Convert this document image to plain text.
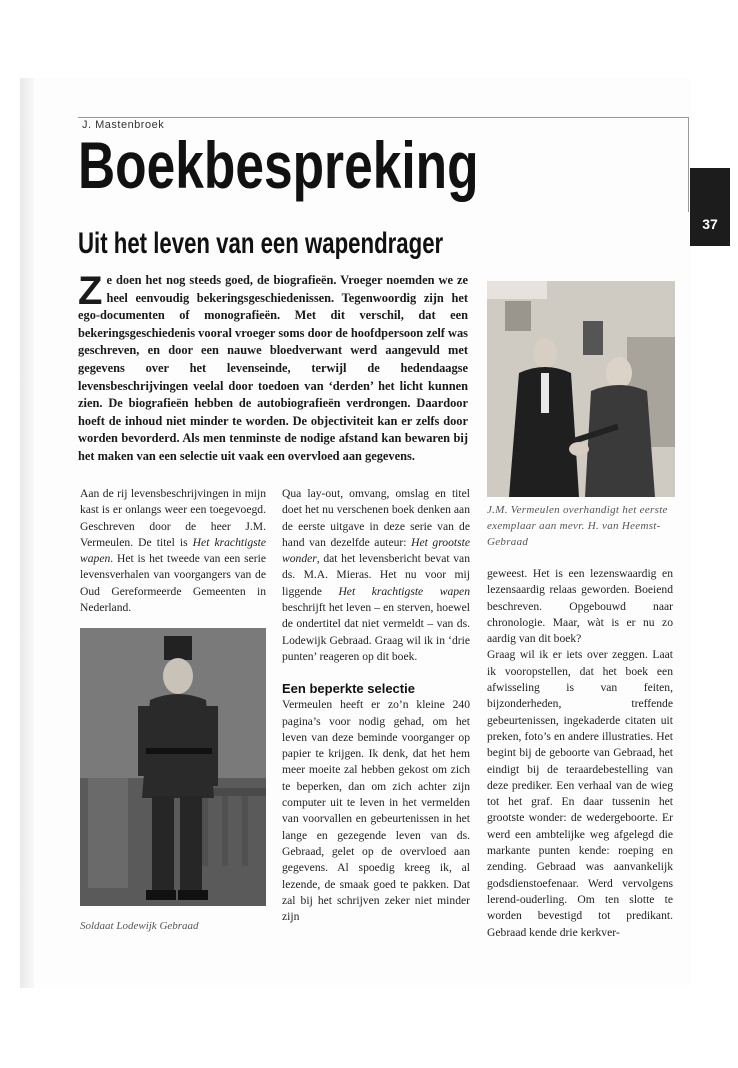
J. Mastenbroek
Boekbespreking
Uit het leven van een wapendrager
37
Ze doen het nog steeds goed, de biografieën. Vroeger noemden we ze heel eenvoudig bekeringsgeschiedenissen. Tegenwoordig zijn het ego-documenten of monografieën. Met dit verschil, dat een bekeringsgeschiedenis vooral vroeger soms door de hoofdpersoon zelf was geschreven, en door een nauwe bloedverwant werd aangevuld met gegevens over het levenseinde, terwijl de hedendaagse levensbeschrijvingen veelal door toedoen van ‘derden’ het licht kunnen zien. De biografieën hebben de autobiografieën verdrongen. Daardoor hoeft de inhoud niet minder te worden. De objectiviteit kan er zelfs door worden bevorderd. Als men tenminste de nodige afstand kan bewaren bij het maken van een selectie uit vaak een overvloed aan gegevens.

Aan de rij levensbeschrijvingen in mijn kast is er onlangs weer een toegevoegd. Geschreven door de heer J.M. Vermeulen. De titel is Het krachtigste wapen. Het is het tweede van een serie levensverhalen van voorgangers van de Oud Gereformeerde Gemeenten in Nederland.

Soldaat Lodewijk Gebraad

Qua lay-out, omvang, omslag en titel doet het nu verschenen boek denken aan de eerste uitgave in deze serie van de hand van dezelfde auteur: Het grootste wonder, dat het levensbericht bevat van ds. M.A. Mieras. Het nu voor mij liggende Het krachtigste wapen beschrijft het leven – en sterven, hoewel de ondertitel dat niet vermeldt – van ds. Lodewijk Gebraad. Graag wil ik in ‘drie punten’ reageren op dit boek.

Een beperkte selectie

Vermeulen heeft er zo’n kleine 240 pagina’s voor nodig gehad, om het leven van deze beminde voorganger op papier te krijgen. Ik denk, dat het hem meer moeite zal hebben gekost om zich te beperken, dan om zich achter zijn computer uit te leven in het vermelden van voorvallen en gebeurtenissen in het lange en gezegende leven van ds. Gebraad, gelet op de overvloed aan gegevens. Al spoedig kreeg ik, al lezende, de smaak goed te pakken. Dat zal bij het schrijven zeker niet minder zijn

J.M. Vermeulen overhandigt het eerste exemplaar aan mevr. H. van Heemst-Gebraad

geweest. Het is een lezenswaardig en lezensaardig relaas geworden. Boeiend beschreven. Opgebouwd naar chronologie. Maar, wàt is er nu zo aardig van dit boek?

Graag wil ik er iets over zeggen. Laat ik vooropstellen, dat het boek een afwisseling is van feiten, bijzonderheden, treffende gebeurtenissen, ingekaderde citaten uit preken, foto’s en andere illustraties. Het begint bij de geboorte van Gebraad, het eindigt bij de teraardebestelling van deze prediker. Een verhaal van de wieg tot het graf. En daar tussenin het grootste wonder: de wedergeboorte. Er werd een ambtelijke weg afgelegd die markante punten kende: roeping en zending. Gebraad was aanvankelijk godsdienstoefenaar. Werd vervolgens lerend-ouderling. Om ten slotte te worden bevestigd tot predikant. Gebraad kende drie kerkver-
